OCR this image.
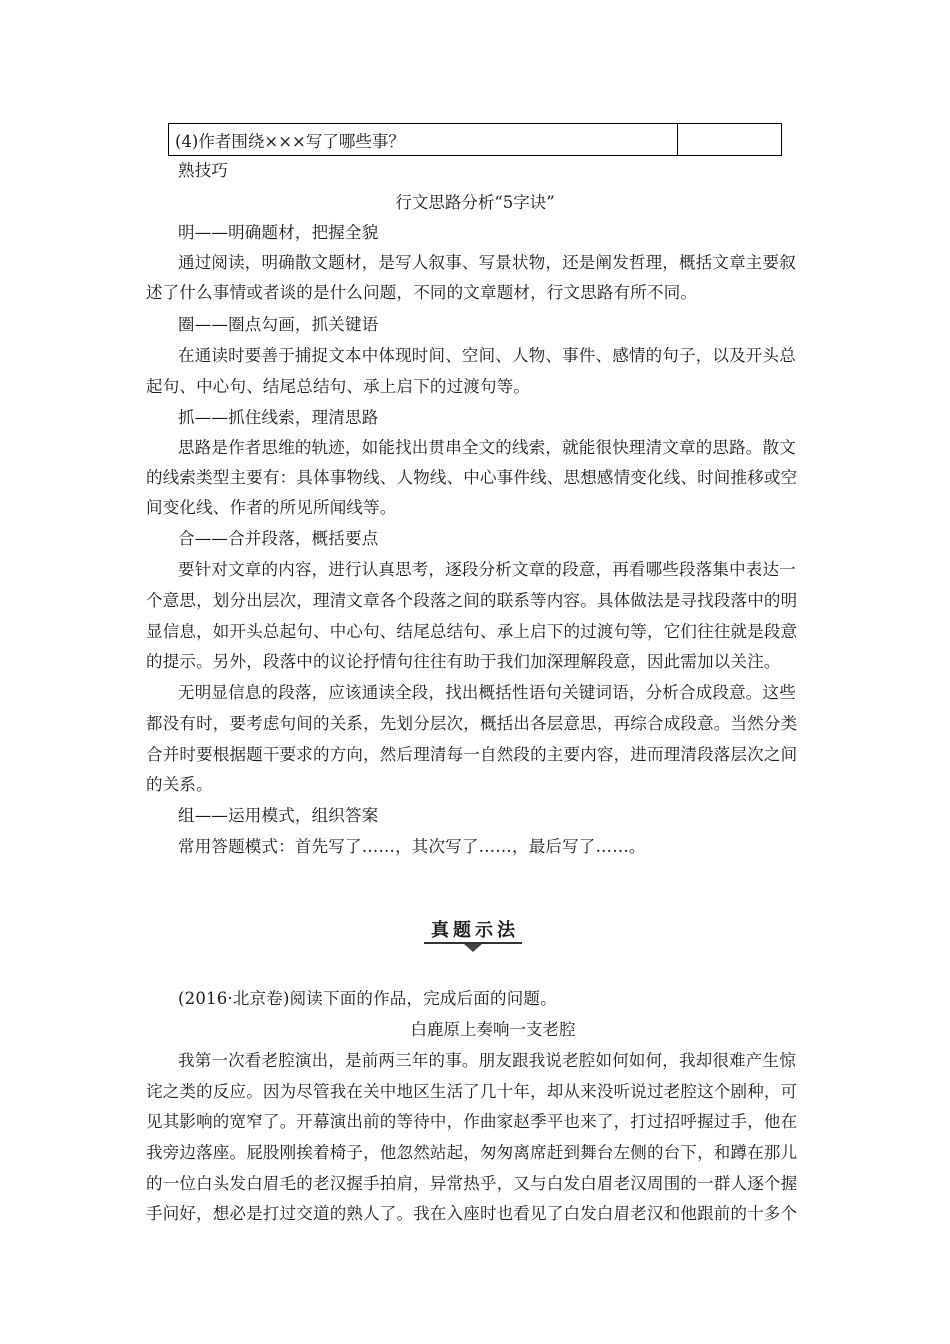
(4)作者围绕×××写了哪些事？
熟技巧
行文思路分析“5字诀”
明——明确题材，把握全貌
通过阅读，明确散文题材，是写人叙事、写景状物，还是阐发哲理，概括文章主要叙
述了什么事情或者谈的是什么问题，不同的文章题材，行文思路有所不同。
圈——圈点勾画，抓关键语
在通读时要善于捕捉文本中体现时间、空间、人物、事件、感情的句子，以及开头总
起句、中心句、结尾总结句、承上启下的过渡句等。
抓——抓住线索，理清思路
思路是作者思维的轨迹，如能找出贯串全文的线索，就能很快理清文章的思路。散文
的线索类型主要有：具体事物线、人物线、中心事件线、思想感情变化线、时间推移或空
间变化线、作者的所见所闻线等。
合——合并段落，概括要点
要针对文章的内容，进行认真思考，逐段分析文章的段意，再看哪些段落集中表达一
个意思，划分出层次，理清文章各个段落之间的联系等内容。具体做法是寻找段落中的明
显信息，如开头总起句、中心句、结尾总结句、承上启下的过渡句等，它们往往就是段意
的提示。另外，段落中的议论抒情句往往有助于我们加深理解段意，因此需加以关注。
无明显信息的段落，应该通读全段，找出概括性语句关键词语，分析合成段意。这些
都没有时，要考虑句间的关系，先划分层次，概括出各层意思，再综合成段意。当然分类
合并时要根据题干要求的方向，然后理清每一自然段的主要内容，进而理清段落层次之间
的关系。
组——运用模式，组织答案
常用答题模式：首先写了……，其次写了……，最后写了……。
真题示法
(2016·北京卷)阅读下面的作品，完成后面的问题。
白鹿原上奏响一支老腔
我第一次看老腔演出，是前两三年的事。朋友跟我说老腔如何如何，我却很难产生惊
诧之类的反应。因为尽管我在关中地区生活了几十年，却从来没听说过老腔这个剧种，可
见其影响的宽窄了。开幕演出前的等待中，作曲家赵季平也来了，打过招呼握过手，他在
我旁边落座。屁股刚挨着椅子，他忽然站起，匆匆离席赶到舞台左侧的台下，和蹲在那儿
的一位白头发白眉毛的老汉握手拍肩，异常热乎，又与白发白眉老汉周围的一群人逐个握
手问好，想必是打过交道的熟人了。我在入座时也看见了白发白眉老汉和他跟前的十多个
